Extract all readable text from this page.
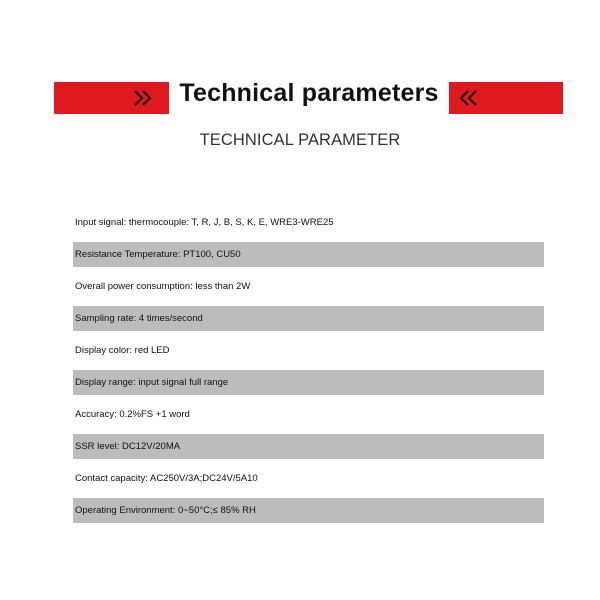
Technical parameters
TECHNICAL PARAMETER
Input signal: thermocouple: T, R, J, B, S, K, E, WRE3-WRE25
Resistance Temperature: PT100, CU50
Overall power consumption: less than 2W
Sampling rate: 4 times/second
Display color: red LED
Display range: input signal full range
Accuracy: 0.2%FS +1 word
SSR level: DC12V/20MA
Contact capacity: AC250V/3A;DC24V/5A10
Operating Environment: 0~50°C;≤ 85% RH
